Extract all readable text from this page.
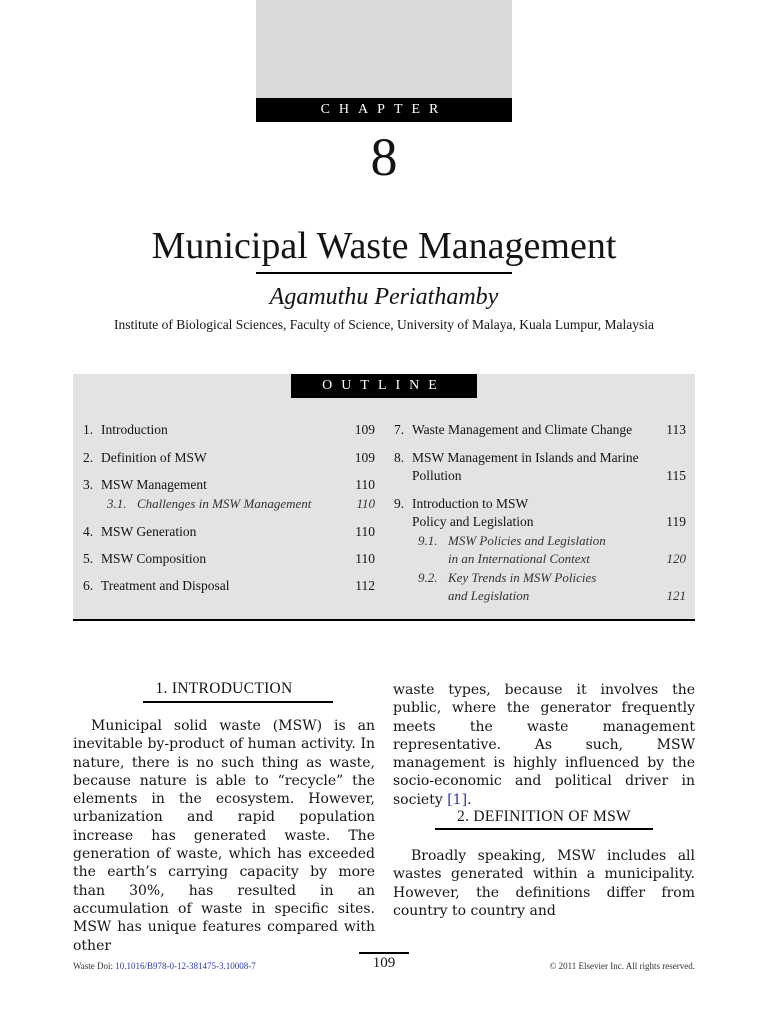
CHAPTER
8
Municipal Waste Management
Agamuthu Periathamby
Institute of Biological Sciences, Faculty of Science, University of Malaya, Kuala Lumpur, Malaysia
OUTLINE
1. Introduction	109
2. Definition of MSW	109
3. MSW Management	110
3.1. Challenges in MSW Management	110
4. MSW Generation	110
5. MSW Composition	110
6. Treatment and Disposal	112
7. Waste Management and Climate Change	113
8. MSW Management in Islands and Marine
Pollution	115
9. Introduction to MSW
Policy and Legislation	119
9.1. MSW Policies and Legislation
in an International Context	120
9.2. Key Trends in MSW Policies
and Legislation	121
1. INTRODUCTION
Municipal solid waste (MSW) is an inevitable by-product of human activity. In nature, there is no such thing as waste, because nature is able to “recycle” the elements in the ecosystem. However, urbanization and rapid population increase has generated waste. The generation of waste, which has exceeded the earth’s carrying capacity by more than 30%, has resulted in an accumulation of waste in specific sites. MSW has unique features compared with other
waste types, because it involves the public, where the generator frequently meets the waste management representative. As such, MSW management is highly influenced by the socio-economic and political driver in society [1].
2. DEFINITION OF MSW
Broadly speaking, MSW includes all wastes generated within a municipality. However, the definitions differ from country to country and
Waste Doi: 10.1016/B978-0-12-381475-3.10008-7	109	© 2011 Elsevier Inc. All rights reserved.
